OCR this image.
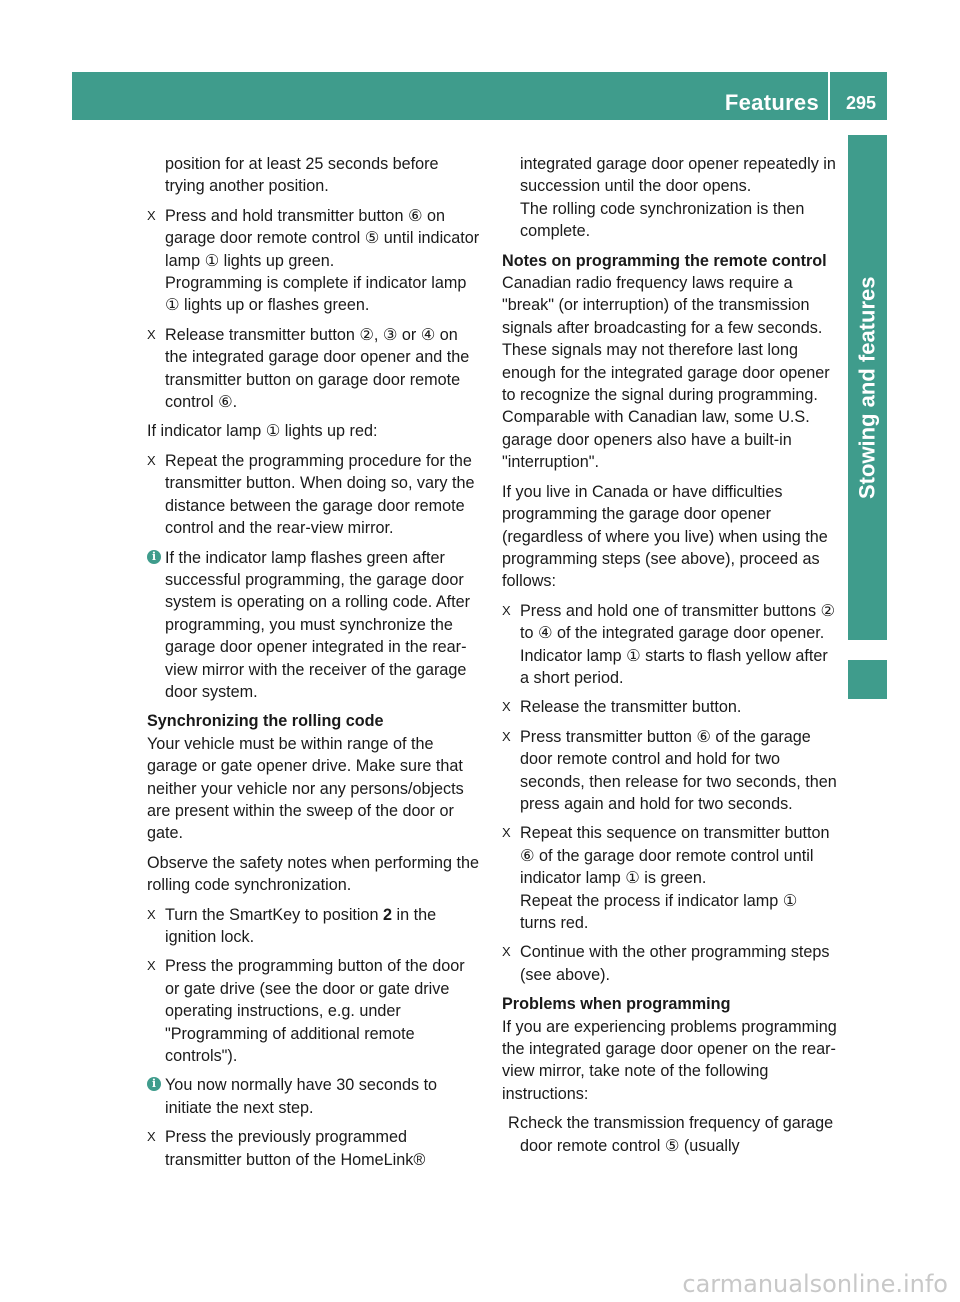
Features	295
Stowing and features

position for at least 25 seconds before trying another position.

X Press and hold transmitter button ⑥ on garage door remote control ⑤ until indicator lamp ① lights up green.
Programming is complete if indicator lamp ① lights up or flashes green.
X Release transmitter button ②, ③ or ④ on the integrated garage door opener and the transmitter button on garage door remote control ⑥.

If indicator lamp ① lights up red:

X Repeat the programming procedure for the transmitter button. When doing so, vary the distance between the garage door remote control and the rear-view mirror.
i If the indicator lamp flashes green after successful programming, the garage door system is operating on a rolling code. After programming, you must synchronize the garage door opener integrated in the rear-view mirror with the receiver of the garage door system.

Synchronizing the rolling code

Your vehicle must be within range of the garage or gate opener drive. Make sure that neither your vehicle nor any persons/objects are present within the sweep of the door or gate.

Observe the safety notes when performing the rolling code synchronization.

X Turn the SmartKey to position 2 in the ignition lock.
X Press the programming button of the door or gate drive (see the door or gate drive operating instructions, e.g. under "Programming of additional remote controls").
i You now normally have 30 seconds to initiate the next step.
X Press the previously programmed transmitter button of the HomeLink®

integrated garage door opener repeatedly in succession until the door opens.
The rolling code synchronization is then complete.

Notes on programming the remote control

Canadian radio frequency laws require a "break" (or interruption) of the transmission signals after broadcasting for a few seconds. These signals may not therefore last long enough for the integrated garage door opener to recognize the signal during programming. Comparable with Canadian law, some U.S. garage door openers also have a built-in "interruption".

If you live in Canada or have difficulties programming the garage door opener (regardless of where you live) when using the programming steps (see above), proceed as follows:

X Press and hold one of transmitter buttons ② to ④ of the integrated garage door opener.
Indicator lamp ① starts to flash yellow after a short period.
X Release the transmitter button.
X Press transmitter button ⑥ of the garage door remote control and hold for two seconds, then release for two seconds, then press again and hold for two seconds.
X Repeat this sequence on transmitter button ⑥ of the garage door remote control until indicator lamp ① is green.
Repeat the process if indicator lamp ① turns red.
X Continue with the other programming steps (see above).

Problems when programming

If you are experiencing problems programming the integrated garage door opener on the rear-view mirror, take note of the following instructions:

R check the transmission frequency of garage door remote control ⑤ (usually
carmanualsonline.info
